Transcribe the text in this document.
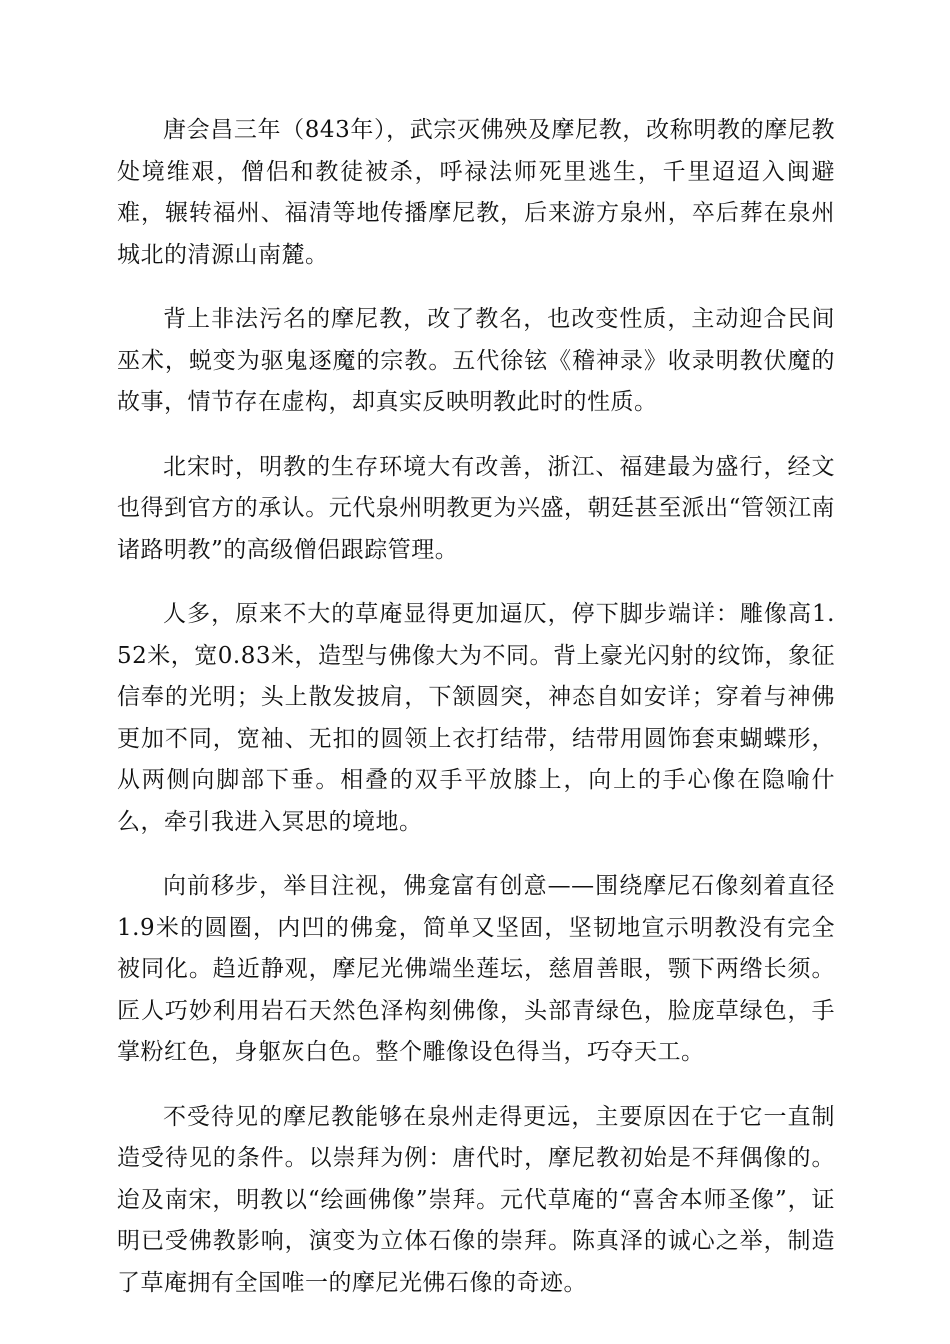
唐会昌三年（843年），武宗灭佛殃及摩尼教，改称明教的摩尼教处境维艰，僧侣和教徒被杀，呼禄法师死里逃生，千里迢迢入闽避难，辗转福州、福清等地传播摩尼教，后来游方泉州，卒后葬在泉州城北的清源山南麓。

背上非法污名的摩尼教，改了教名，也改变性质，主动迎合民间巫术，蜕变为驱鬼逐魔的宗教。五代徐铉《稽神录》收录明教伏魔的故事，情节存在虚构，却真实反映明教此时的性质。

北宋时，明教的生存环境大有改善，浙江、福建最为盛行，经文也得到官方的承认。元代泉州明教更为兴盛，朝廷甚至派出“管领江南诸路明教”的高级僧侣跟踪管理。

人多，原来不大的草庵显得更加逼仄，停下脚步端详：雕像高1.52米，宽0.83米，造型与佛像大为不同。背上豪光闪射的纹饰，象征信奉的光明；头上散发披肩，下颔圆突，神态自如安详；穿着与神佛更加不同，宽袖、无扣的圆领上衣打结带，结带用圆饰套束蝴蝶形，从两侧向脚部下垂。相叠的双手平放膝上，向上的手心像在隐喻什么，牵引我进入冥思的境地。

向前移步，举目注视，佛龛富有创意——围绕摩尼石像刻着直径1.9米的圆圈，内凹的佛龛，简单又坚固，坚韧地宣示明教没有完全被同化。趋近静观，摩尼光佛端坐莲坛，慈眉善眼，颚下两绺长须。匠人巧妙利用岩石天然色泽构刻佛像，头部青绿色，脸庞草绿色，手掌粉红色，身躯灰白色。整个雕像设色得当，巧夺天工。

不受待见的摩尼教能够在泉州走得更远，主要原因在于它一直制造受待见的条件。以崇拜为例：唐代时，摩尼教初始是不拜偶像的。迨及南宋，明教以“绘画佛像”崇拜。元代草庵的“喜舍本师圣像”，证明已受佛教影响，演变为立体石像的崇拜。陈真泽的诚心之举，制造了草庵拥有全国唯一的摩尼光佛石像的奇迹。
